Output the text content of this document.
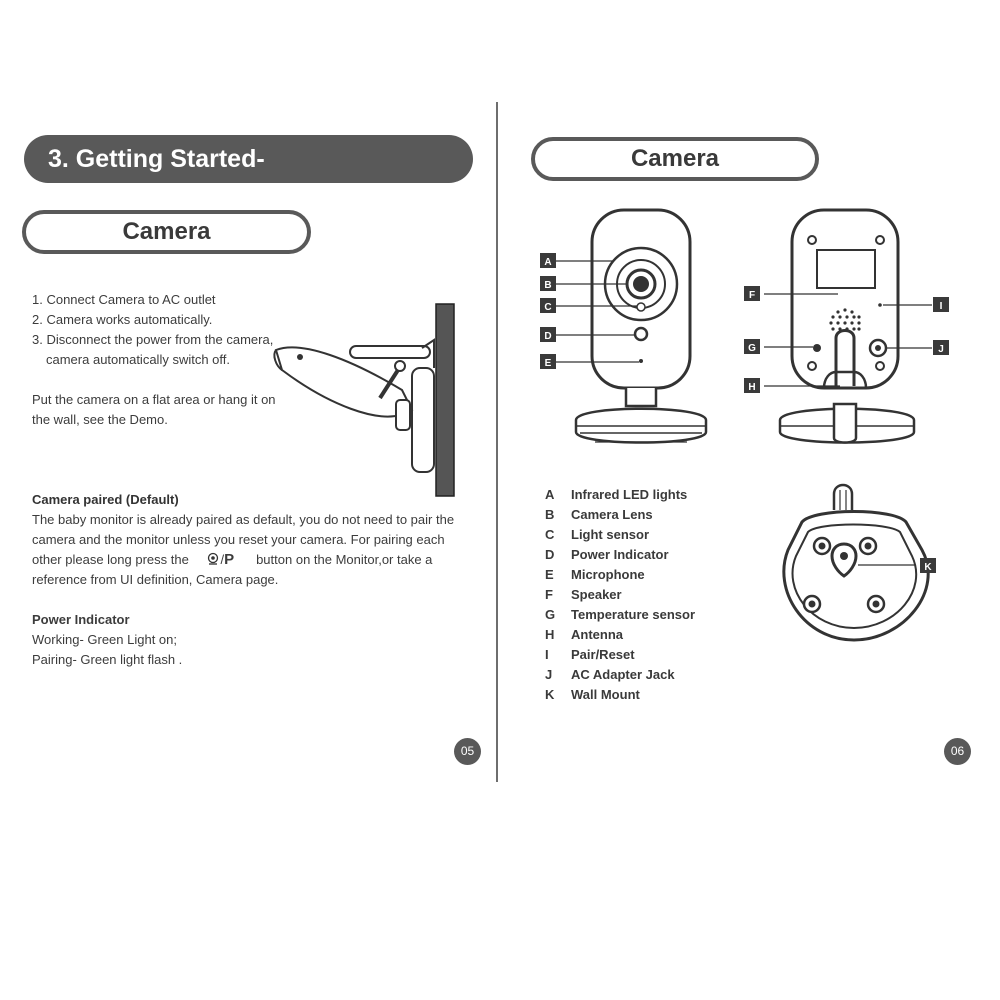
3. Getting Started-
Camera
1. Connect Camera to AC outlet
2. Camera works automatically.
3. Disconnect the power from the camera,
camera automatically switch off.
Put the camera on a flat area or hang it on
the wall, see the Demo.
Camera paired (Default)
The baby monitor is already paired as default, you do not need to pair the
camera and the monitor unless you reset your camera. For pairing each
other please long press the /P button on the Monitor,or take a
reference from UI definition, Camera page.
Power Indicator
Working- Green Light on;
Pairing- Green light flash .
05
Camera
A
B
C
D
E
F
G
H
I
J
K
A Infrared LED lights
B Camera Lens
C Light sensor
D Power Indicator
E Microphone
F Speaker
G Temperature sensor
H Antenna
I Pair/Reset
J AC Adapter Jack
K Wall Mount
06
